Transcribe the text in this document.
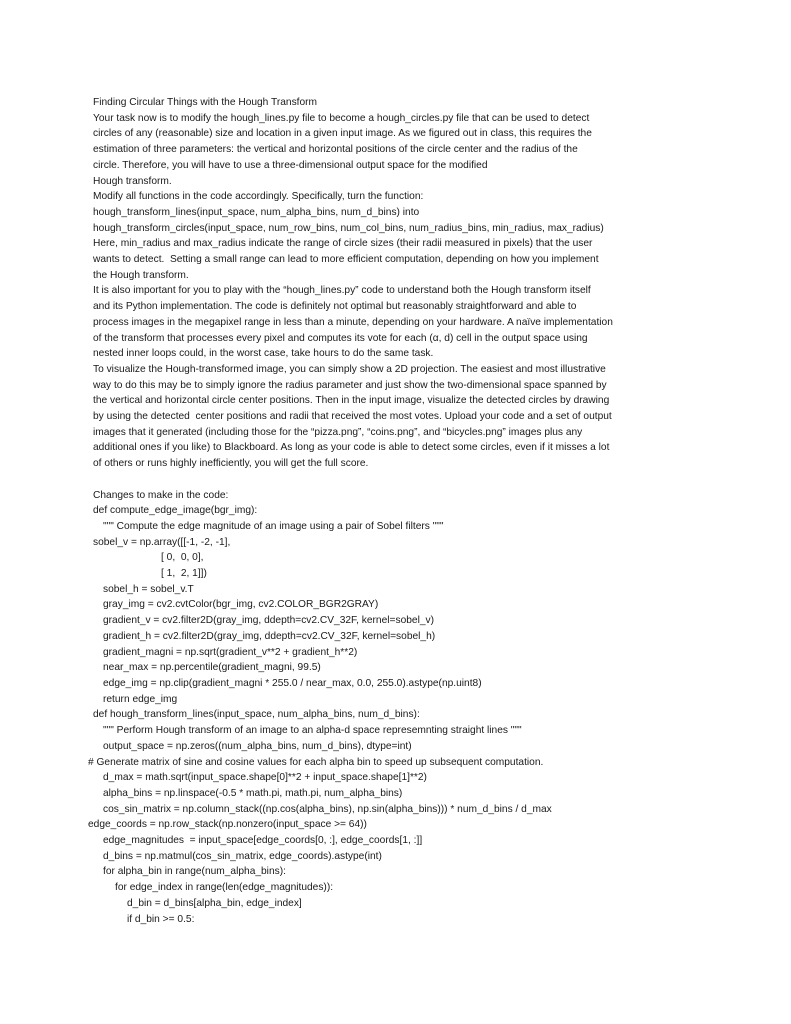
Finding Circular Things with the Hough Transform
Your task now is to modify the hough_lines.py file to become a hough_circles.py file that can be used to detect
circles of any (reasonable) size and location in a given input image. As we figured out in class, this requires the
estimation of three parameters: the vertical and horizontal positions of the circle center and the radius of the
circle. Therefore, you will have to use a three-dimensional output space for the modified
Hough transform.
Modify all functions in the code accordingly. Specifically, turn the function:
hough_transform_lines(input_space, num_alpha_bins, num_d_bins) into
hough_transform_circles(input_space, num_row_bins, num_col_bins, num_radius_bins, min_radius, max_radius)
Here, min_radius and max_radius indicate the range of circle sizes (their radii measured in pixels) that the user
wants to detect.  Setting a small range can lead to more efficient computation, depending on how you implement
the Hough transform.
It is also important for you to play with the “hough_lines.py” code to understand both the Hough transform itself
and its Python implementation. The code is definitely not optimal but reasonably straightforward and able to
process images in the megapixel range in less than a minute, depending on your hardware. A naïve implementation
of the transform that processes every pixel and computes its vote for each (α, d) cell in the output space using
nested inner loops could, in the worst case, take hours to do the same task.
To visualize the Hough-transformed image, you can simply show a 2D projection. The easiest and most illustrative
way to do this may be to simply ignore the radius parameter and just show the two-dimensional space spanned by
the vertical and horizontal circle center positions. Then in the input image, visualize the detected circles by drawing
by using the detected  center positions and radii that received the most votes. Upload your code and a set of output
images that it generated (including those for the “pizza.png”, “coins.png”, and “bicycles.png” images plus any
additional ones if you like) to Blackboard. As long as your code is able to detect some circles, even if it misses a lot
of others or runs highly inefficiently, you will get the full score.
Changes to make in the code:
def compute_edge_image(bgr_img):
""" Compute the edge magnitude of an image using a pair of Sobel filters """
sobel_v = np.array([[-1, -2, -1],
[ 0,  0, 0],
[ 1,  2, 1]])
sobel_h = sobel_v.T
gray_img = cv2.cvtColor(bgr_img, cv2.COLOR_BGR2GRAY)
gradient_v = cv2.filter2D(gray_img, ddepth=cv2.CV_32F, kernel=sobel_v)
gradient_h = cv2.filter2D(gray_img, ddepth=cv2.CV_32F, kernel=sobel_h)
gradient_magni = np.sqrt(gradient_v**2 + gradient_h**2)
near_max = np.percentile(gradient_magni, 99.5)
edge_img = np.clip(gradient_magni * 255.0 / near_max, 0.0, 255.0).astype(np.uint8)
return edge_img
def hough_transform_lines(input_space, num_alpha_bins, num_d_bins):
""" Perform Hough transform of an image to an alpha-d space represemnting straight lines """
output_space = np.zeros((num_alpha_bins, num_d_bins), dtype=int)
# Generate matrix of sine and cosine values for each alpha bin to speed up subsequent computation.
d_max = math.sqrt(input_space.shape[0]**2 + input_space.shape[1]**2)
alpha_bins = np.linspace(-0.5 * math.pi, math.pi, num_alpha_bins)
cos_sin_matrix = np.column_stack((np.cos(alpha_bins), np.sin(alpha_bins))) * num_d_bins / d_max
edge_coords = np.row_stack(np.nonzero(input_space >= 64))
edge_magnitudes  = input_space[edge_coords[0, :], edge_coords[1, :]]
d_bins = np.matmul(cos_sin_matrix, edge_coords).astype(int)
for alpha_bin in range(num_alpha_bins):
for edge_index in range(len(edge_magnitudes)):
d_bin = d_bins[alpha_bin, edge_index]
if d_bin >= 0.5:
